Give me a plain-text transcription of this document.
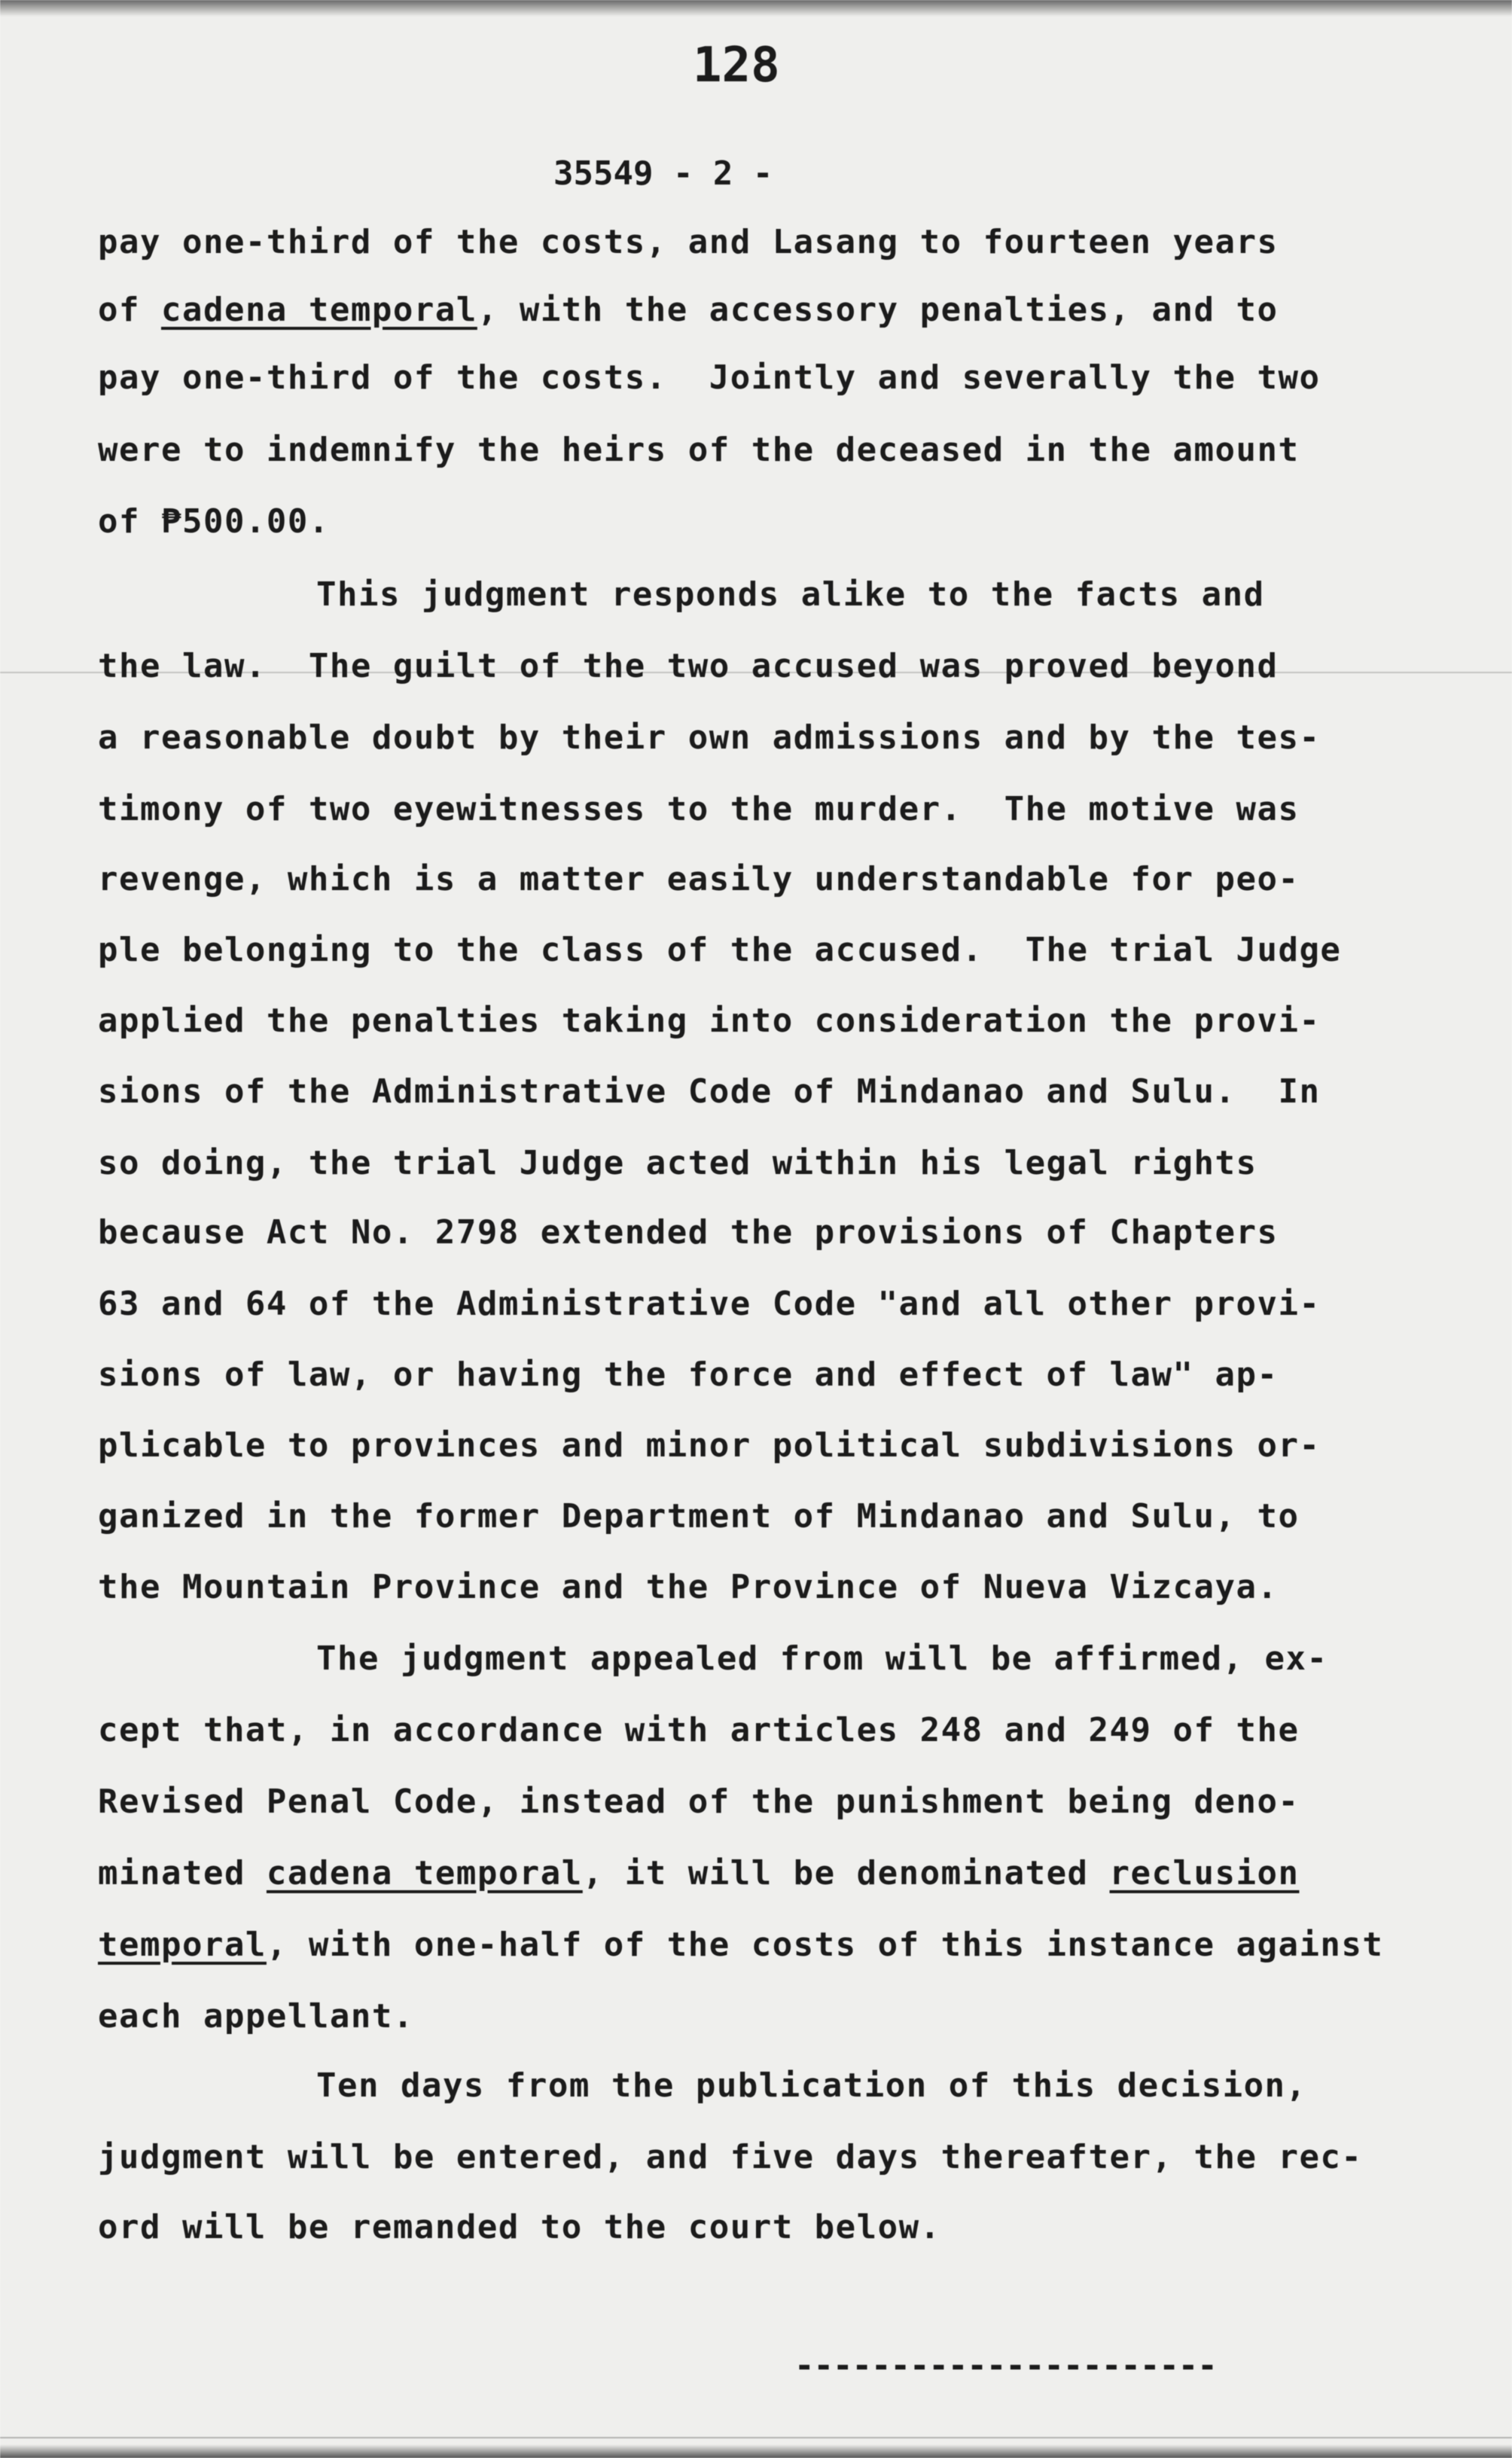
128
35549 - 2 -
pay one-third of the costs, and Lasang to fourteen years
of cadena temporal, with the accessory penalties, and to
pay one-third of the costs.  Jointly and severally the two
were to indemnify the heirs of the deceased in the amount
of ₱500.00.
This judgment responds alike to the facts and
the law.  The guilt of the two accused was proved beyond
a reasonable doubt by their own admissions and by the tes-
timony of two eyewitnesses to the murder.  The motive was
revenge, which is a matter easily understandable for peo-
ple belonging to the class of the accused.  The trial Judge
applied the penalties taking into consideration the provi-
sions of the Administrative Code of Mindanao and Sulu.  In
so doing, the trial Judge acted within his legal rights
because Act No. 2798 extended the provisions of Chapters
63 and 64 of the Administrative Code "and all other provi-
sions of law, or having the force and effect of law" ap-
plicable to provinces and minor political subdivisions or-
ganized in the former Department of Mindanao and Sulu, to
the Mountain Province and the Province of Nueva Vizcaya.
The judgment appealed from will be affirmed, ex-
cept that, in accordance with articles 248 and 249 of the
Revised Penal Code, instead of the punishment being deno-
minated cadena temporal, it will be denominated reclusion
temporal, with one-half of the costs of this instance against
each appellant.
Ten days from the publication of this decision,
judgment will be entered, and five days thereafter, the rec-
ord will be remanded to the court below.
----------------------
